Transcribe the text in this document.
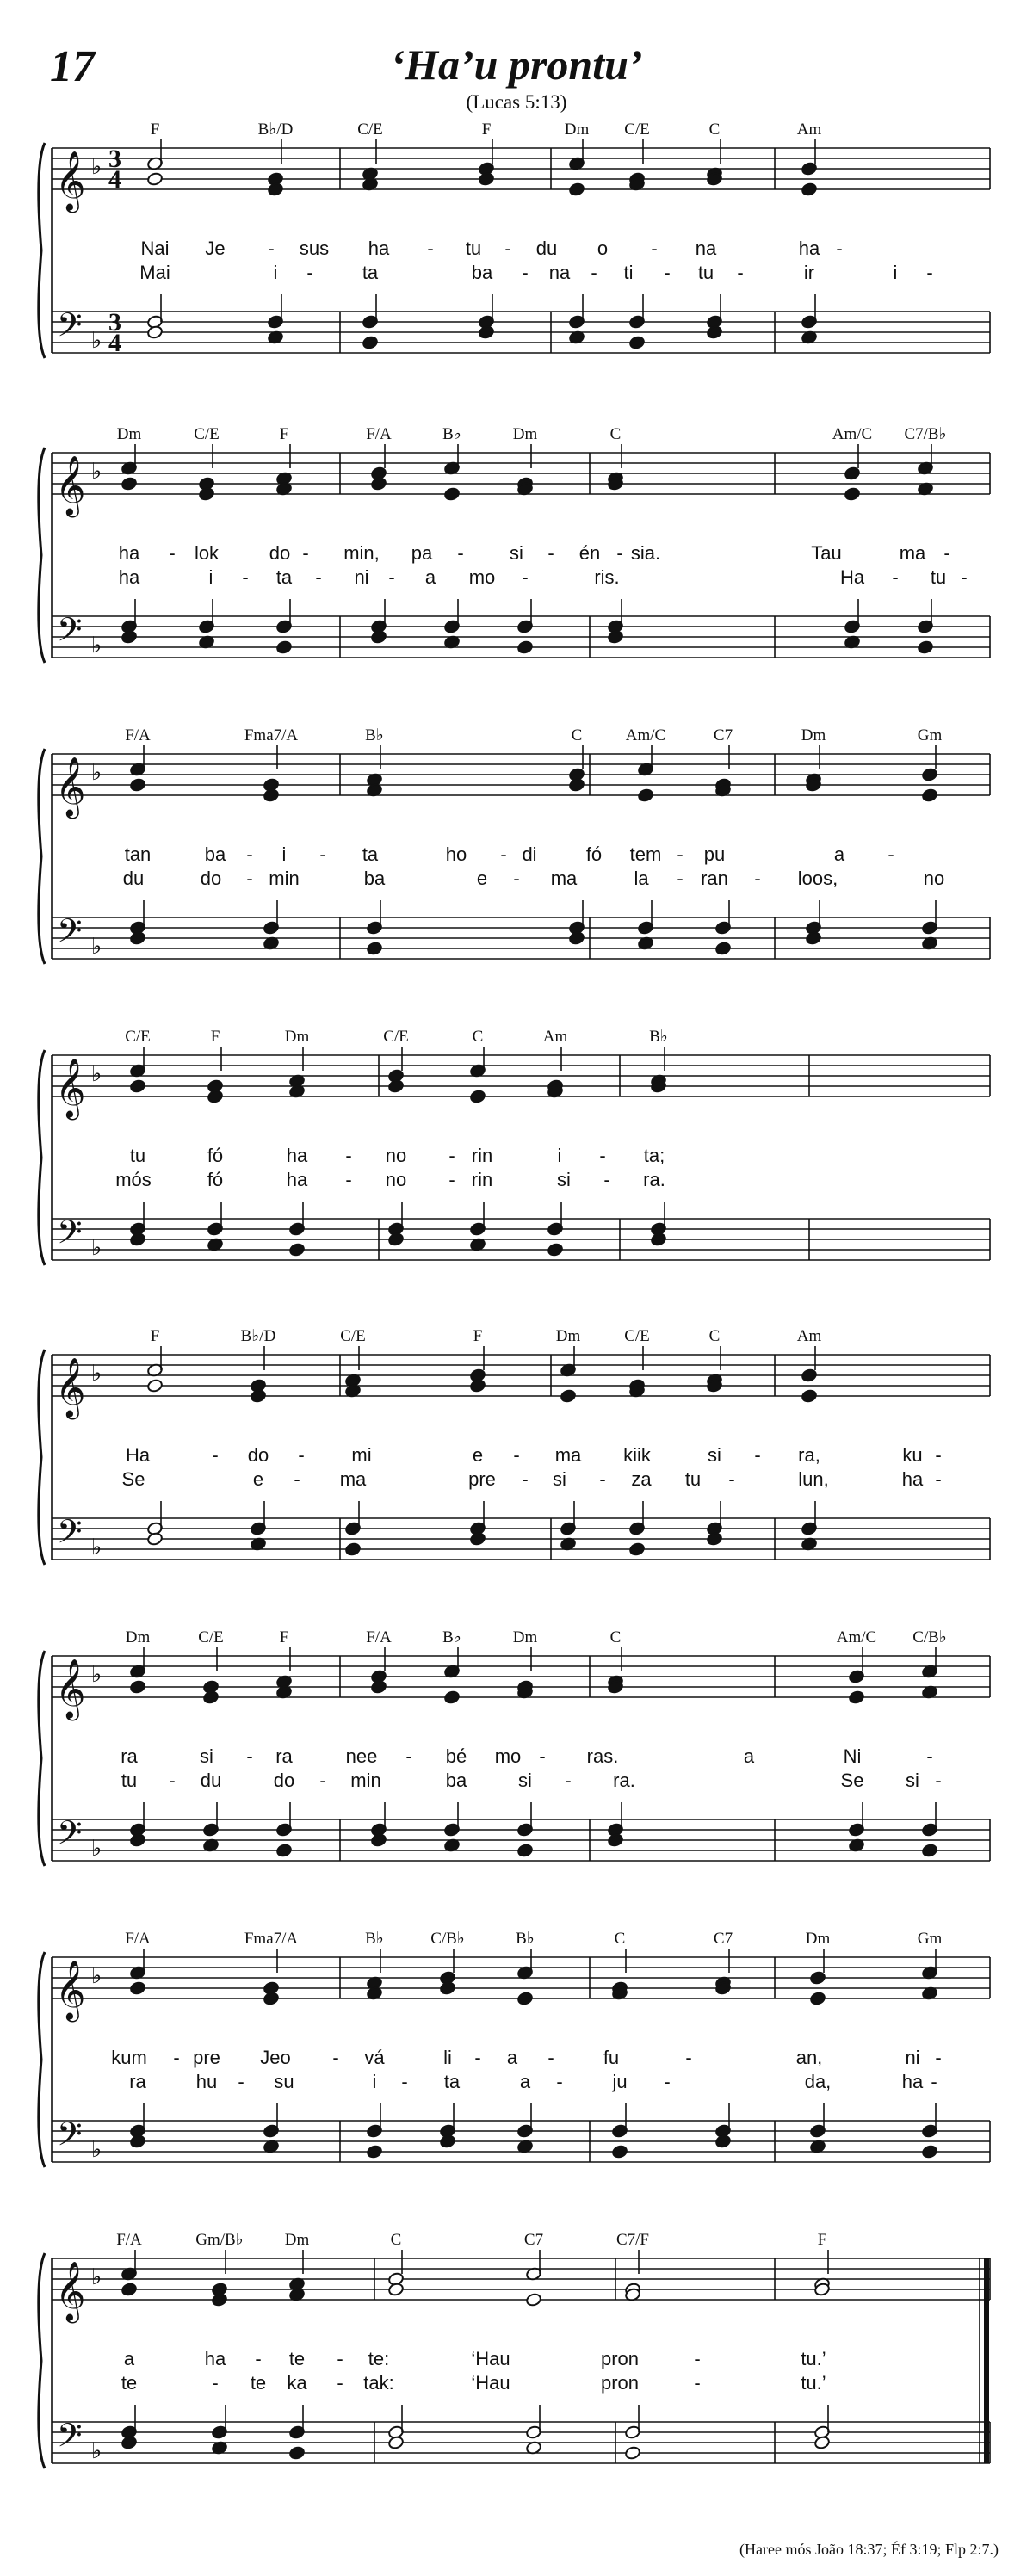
17	‘Ha’u prontu’
(Lucas 5:13)
𝄞
𝄢
♭
♭
3
4
3
4
F	B♭/D	C/E	F	Dm C/E	C	Am
Nai Je - sus ha - tu - du o - na	ha -
Mai	i -	ta	ba - na - ti - tu -	ir	i -
𝄞
𝄢
♭
♭
Dm	C/E	F	F/A	B♭	Dm	C	Am/C C7/B♭
ha - lok	do - min, pa - si - én - sia.	Tau	ma -
ha	i - ta - ni - a mo -	ris.	Ha - tu -
𝄞
𝄢
♭
♭
F/A	Fma7/A	B♭	C	Am/C	C7	Dm	Gm
tan	ba - i - ta	ho - di	fó tem - pu	a -
du	do - min	ba	e - ma	la - ran - loos,	no
𝄞
𝄢
♭
♭
C/E	F	Dm	C/E	C	Am	B♭
tu	fó	ha - no - rin	i - ta;
mós	fó	ha - no - rin	si - ra.
𝄞
𝄢
♭
♭
F	B♭/D	C/E	F	Dm	C/E	C	Am
Ha	- do - mi	e - ma kiik	si - ra,	ku -
Se	e - ma	pre - si - za tu -	lun,	ha -
𝄞
𝄢
♭
♭
Dm	C/E	F	F/A	B♭	Dm	C	Am/C C/B♭
ra	si - ra	nee - bé mo - ras.	Ni	-
a
tu - du	do - min	ba	si - ra.	Se si -
𝄞
𝄢
♭
♭
F/A	Fma7/A	B♭	C/B♭	B♭	C	C7	Dm	Gm
kum - pre Jeo - vá	li - a -	fu	-	an,	ni -
ra	hu - su	i - ta	a -	ju -	da,	ha -
𝄞
𝄢
♭
♭
F/A	Gm/B♭	Dm	C	C7	C7/F	F
a	ha - te - te:	‘Hau	pron	-	tu.’
te	- te ka - tak:	‘Hau	pron	-	tu.’
(Haree mós João 18:37; Éf 3:19; Flp 2:7.)
